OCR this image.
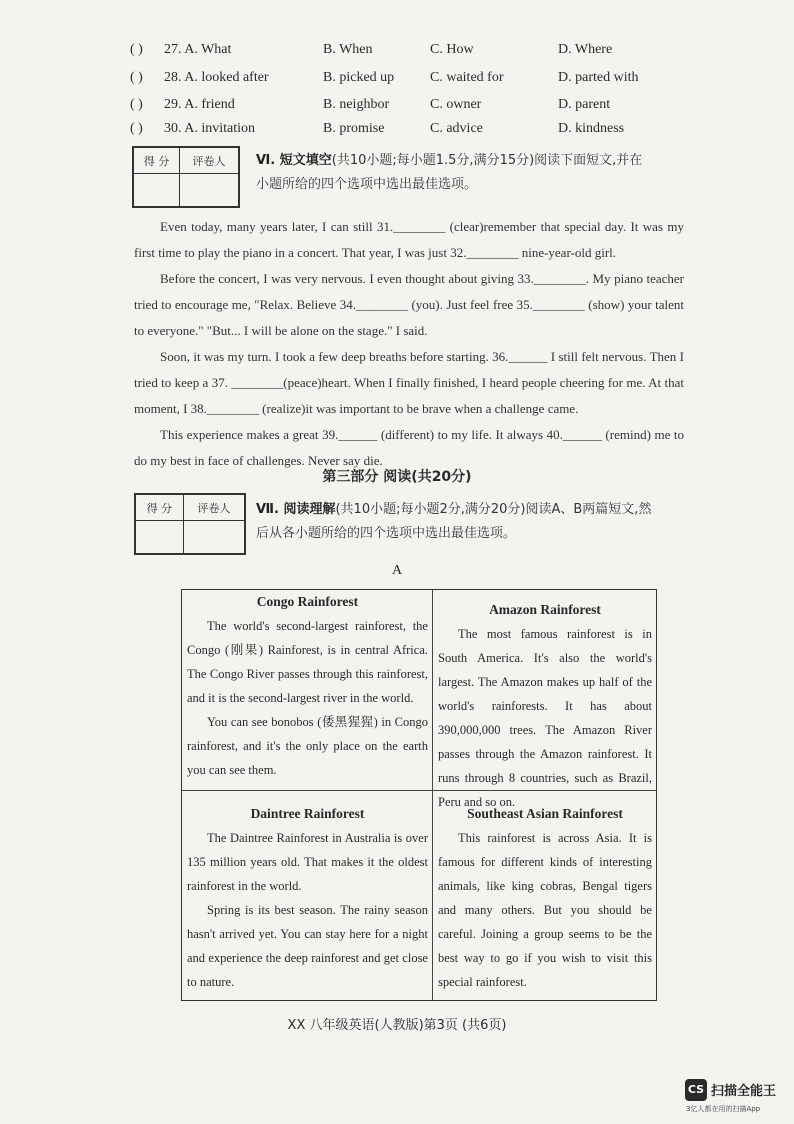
( ) 27. A. What	B. When	C. How	D. Where
( ) 28. A. looked after	B. picked up	C. waited for	D. parted with
( ) 29. A. friend	B. neighbor	C. owner	D. parent
( ) 30. A. invitation	B. promise	C. advice	D. kindness
得 分	评卷人
	Ⅵ. 短文填空(共10小题;每小题1.5分,满分15分)阅读下面短文,并在
小题所给的四个选项中选出最佳选项。

Even today, many years later, I can still 31.________ (clear)remember that special day. It was my first time to play the piano in a concert. That year, I was just 32.________ nine-year-old girl.

Before the concert, I was very nervous. I even thought about giving 33.________. My piano teacher tried to encourage me, "Relax. Believe 34.________ (you). Just feel free 35.________ (show) your talent to everyone." "But... I will be alone on the stage." I said.

Soon, it was my turn. I took a few deep breaths before starting. 36.______ I still felt nervous. Then I tried to keep a 37. ________(peace)heart. When I finally finished, I heard people cheering for me. At that moment, I 38.________ (realize)it was important to be brave when a challenge came.

This experience makes a great 39.______ (different) to my life. It always 40.______ (remind) me to do my best in face of challenges. Never say die.

第三部分 阅读(共20分)
得 分	评卷人
	Ⅶ. 阅读理解(共10小题;每小题2分,满分20分)阅读A、B两篇短文,然
后从各小题所给的四个选项中选出最佳选项。
A
Congo Rainforest

The world's second-largest rainforest, the Congo (刚果) Rainforest, is in central Africa. The Congo River passes through this rainforest, and it is the second-largest river in the world.

You can see bonobos (倭黑猩猩) in Congo rainforest, and it's the only place on the earth you can see them.

Amazon Rainforest

The most famous rainforest is in South America. It's also the world's largest. The Amazon makes up half of the world's rainforests. It has about 390,000,000 trees. The Amazon River passes through the Amazon rainforest. It runs through 8 countries, such as Brazil, Peru and so on.

Daintree Rainforest

The Daintree Rainforest in Australia is over 135 million years old. That makes it the oldest rainforest in the world.

Spring is its best season. The rainy season hasn't arrived yet. You can stay here for a night and experience the deep rainforest and get close to nature.

Southeast Asian Rainforest

This rainforest is across Asia. It is famous for different kinds of interesting animals, like king cobras, Bengal tigers and many others. But you should be careful. Joining a group seems to be the best way to go if you wish to visit this special rainforest.

XX 八年级英语(人教版)第3页 (共6页)
CS 扫描全能王
3亿人都在用的扫描App
